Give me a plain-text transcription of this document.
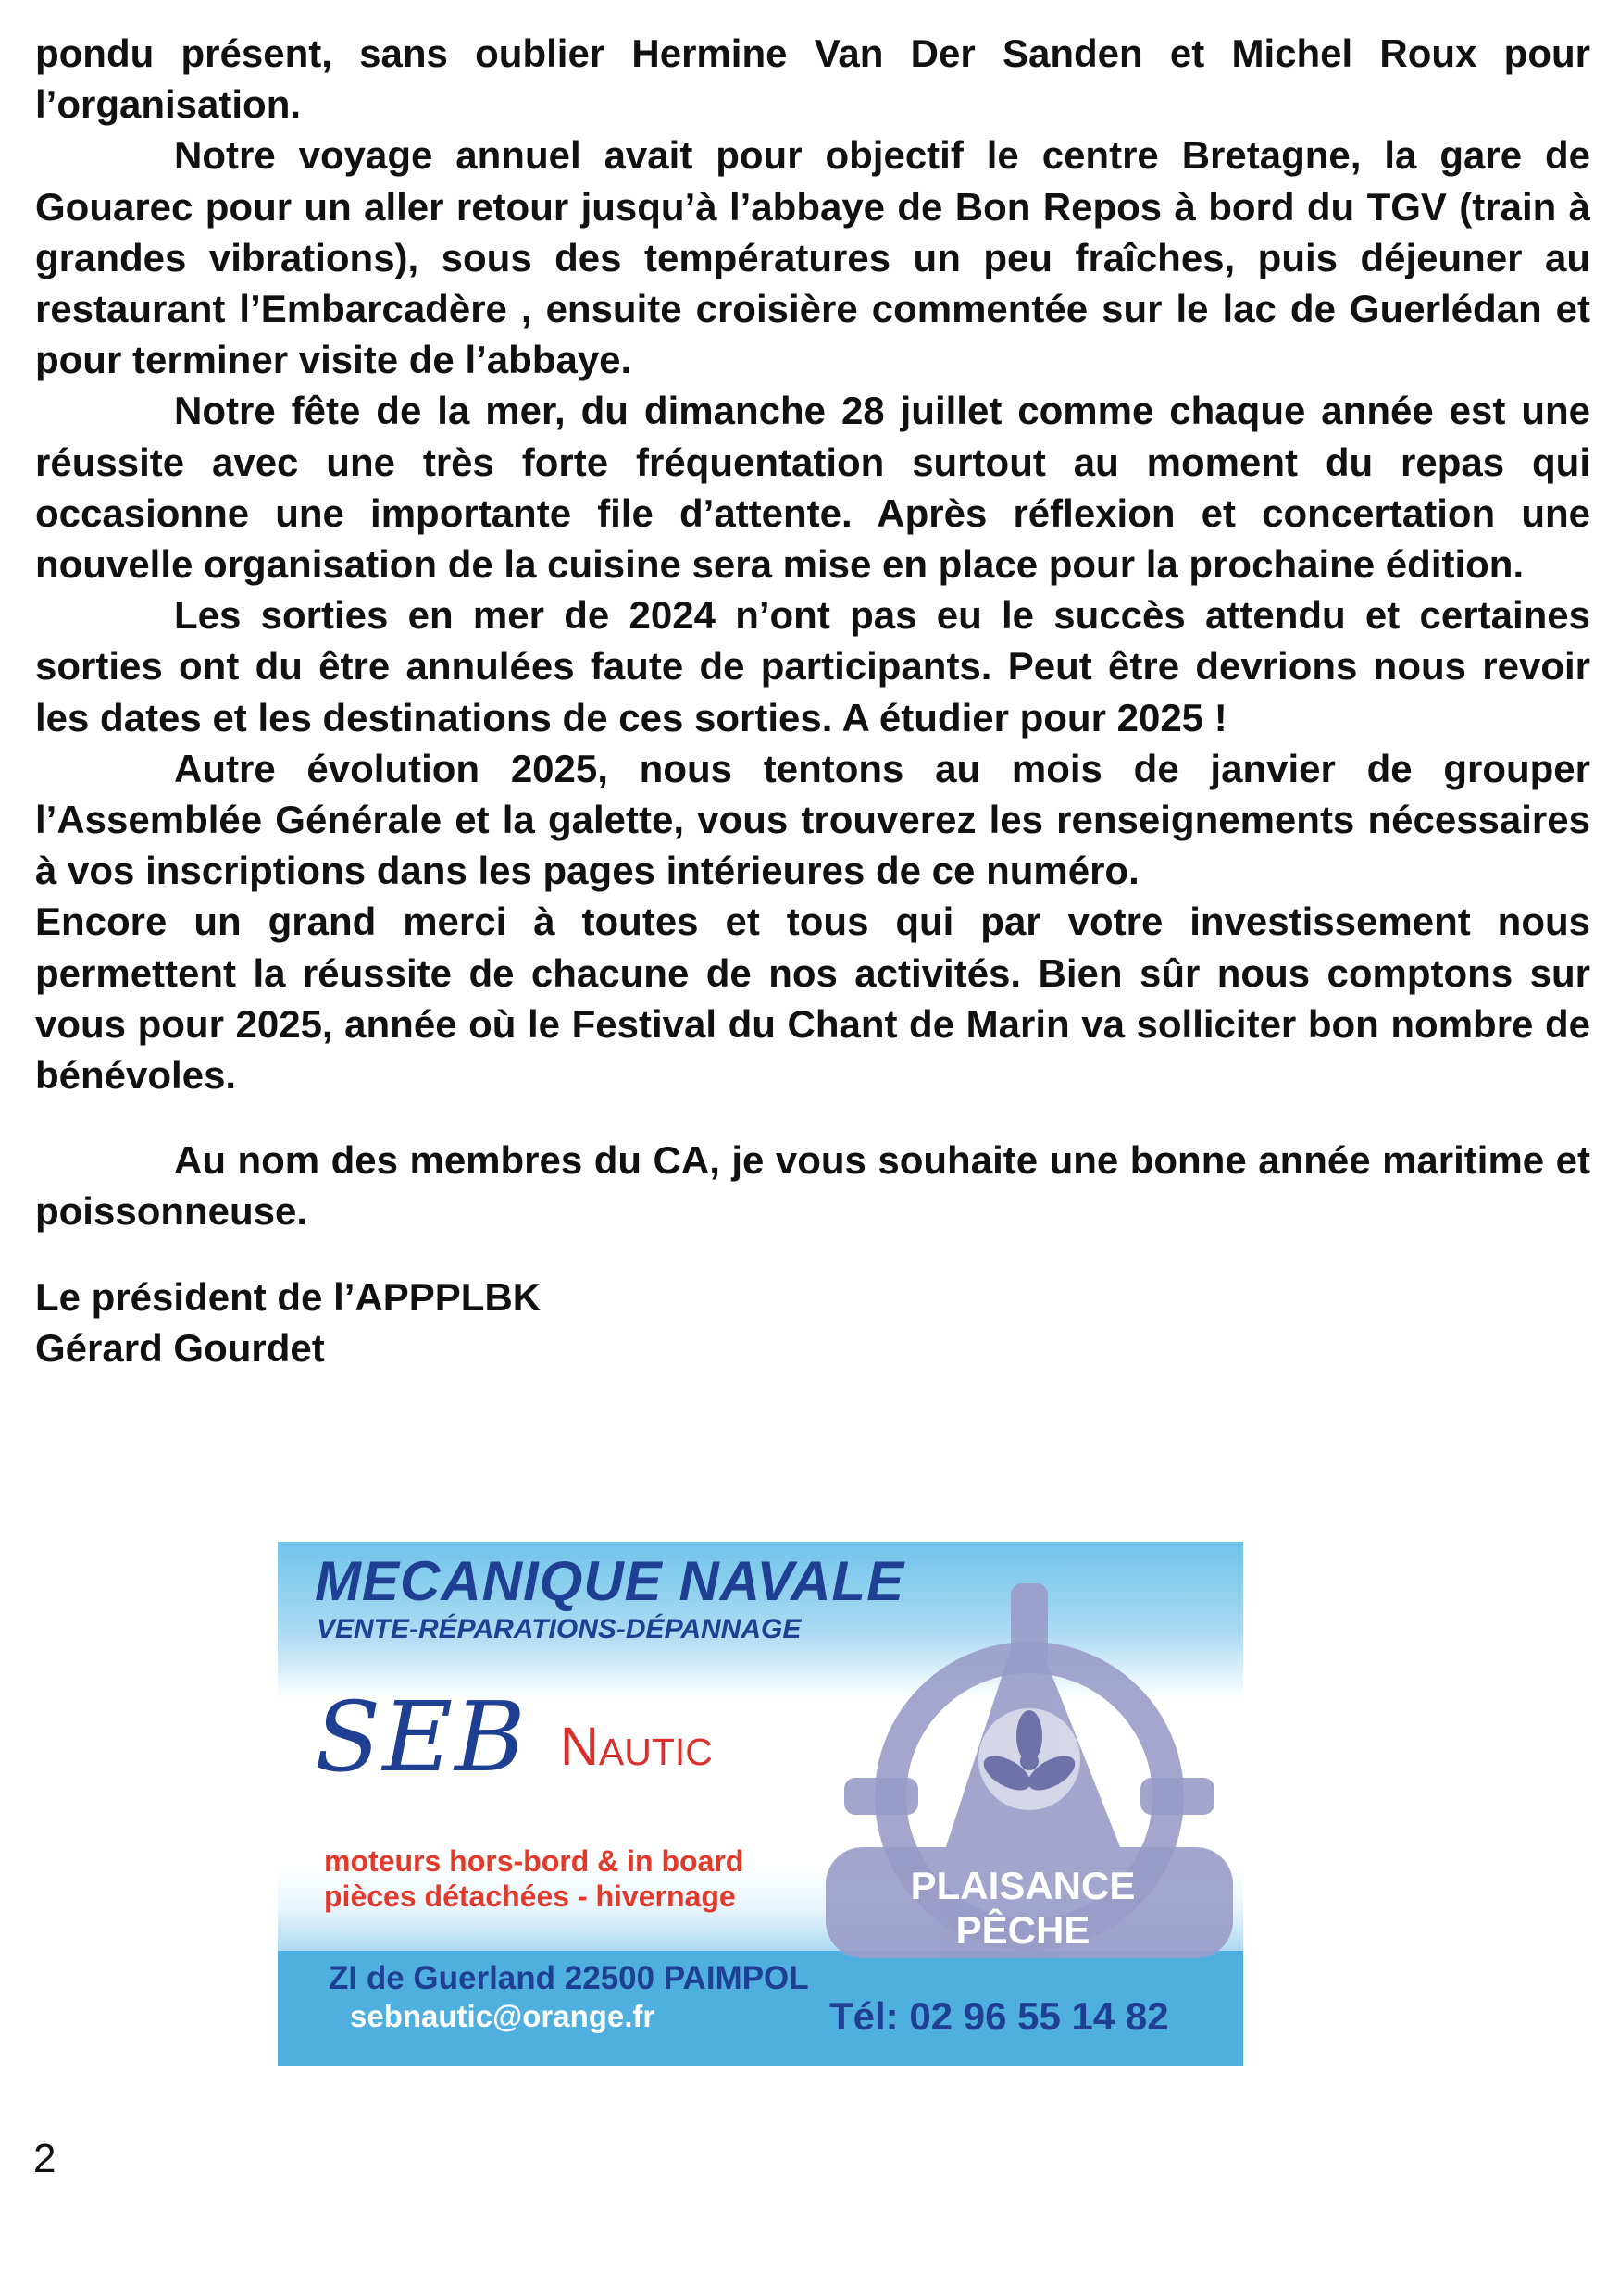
pondu présent, sans oublier Hermine Van Der Sanden et Michel Roux pour l’organisation.

Notre voyage annuel avait pour objectif le centre Bretagne, la gare de Gouarec pour un aller retour jusqu’à l’abbaye de Bon Repos à bord du TGV (train à grandes vibrations), sous des températures un peu fraîches, puis déjeuner au restaurant l’Embarcadère , ensuite croisière commentée sur le lac de Guerlédan et pour terminer visite de l’abbaye.

Notre fête de la mer, du dimanche 28 juillet comme chaque année est une réussite avec une très forte fréquentation surtout au moment du repas qui occasionne une importante file d’attente. Après réflexion et concertation une nouvelle organisation de la cuisine sera mise en place pour la prochaine édition.

Les sorties en mer de 2024 n’ont pas eu le succès attendu et certaines sorties ont du être annulées faute de participants. Peut être devrions nous revoir les dates et les destinations de ces sorties. A étudier pour 2025 !

Autre évolution 2025, nous tentons au mois de janvier de grouper l’Assemblée Générale et la galette, vous trouverez les renseignements nécessaires à vos inscriptions dans les pages intérieures de ce numéro.

Encore un grand merci à toutes et tous qui par votre investissement nous permettent la réussite de chacune de nos activités. Bien sûr nous comptons sur vous pour 2025, année où le Festival du Chant de Marin va solliciter bon nombre de bénévoles.

Au nom des membres du CA, je vous souhaite une bonne année maritime et poissonneuse.

Le président de l’APPPLBK

Gérard Gourdet

MECANIQUE NAVALE
VENTE-RÉPARATIONS-DÉPANNAGE
SEB Nautic
moteurs hors-bord & in board
pièces détachées - hivernage	PLAISANCE
PÊCHE
ZI de Guerland 22500 PAIMPOL
sebnautic@orange.fr	Tél: 02 96 55 14 82
2
